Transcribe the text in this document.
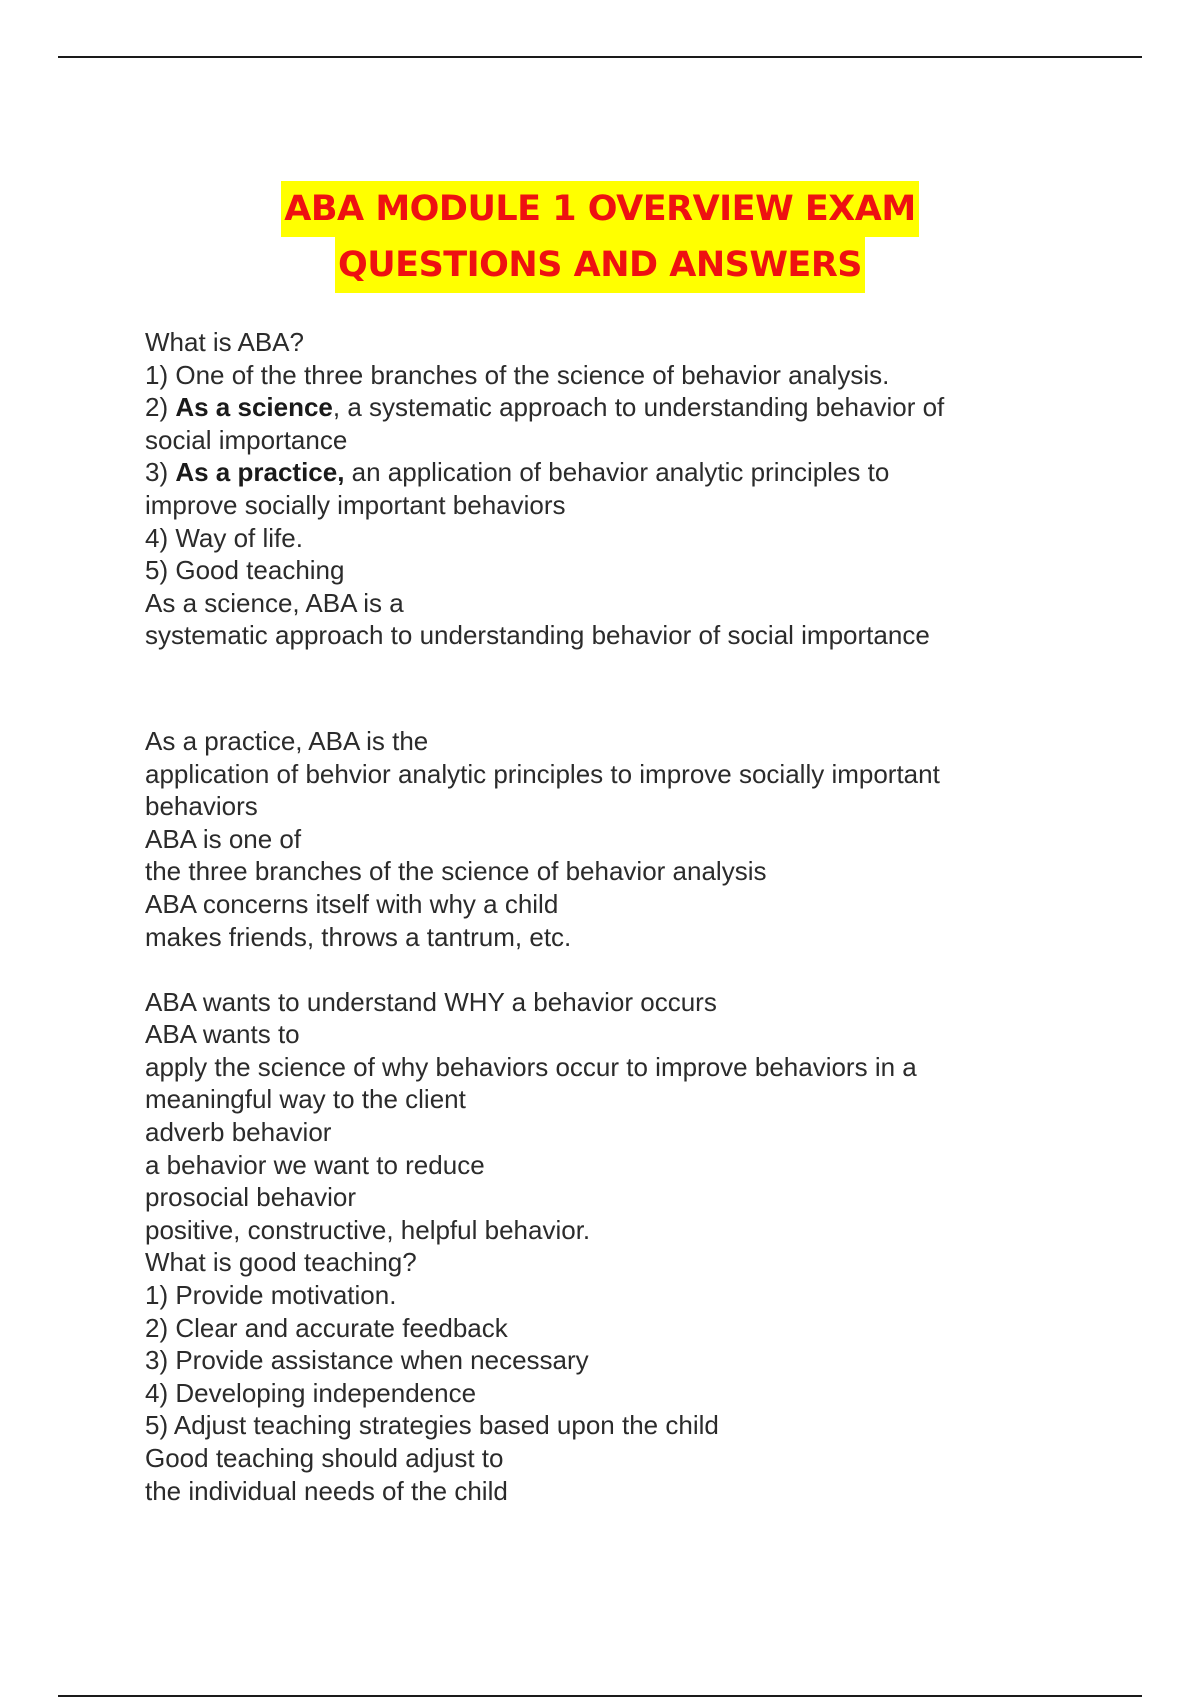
ABA MODULE 1 OVERVIEW EXAM
QUESTIONS AND ANSWERS
What is ABA?
1) One of the three branches of the science of behavior analysis.
2) As a science, a systematic approach to understanding behavior of
social importance
3) As a practice, an application of behavior analytic principles to
improve socially important behaviors
4) Way of life.
5) Good teaching
As a science, ABA is a
systematic approach to understanding behavior of social importance
As a practice, ABA is the
application of behvior analytic principles to improve socially important
behaviors
ABA is one of
the three branches of the science of behavior analysis
ABA concerns itself with why a child
makes friends, throws a tantrum, etc.
ABA wants to understand WHY a behavior occurs
ABA wants to
apply the science of why behaviors occur to improve behaviors in a
meaningful way to the client
adverb behavior
a behavior we want to reduce
prosocial behavior
positive, constructive, helpful behavior.
What is good teaching?
1) Provide motivation.
2) Clear and accurate feedback
3) Provide assistance when necessary
4) Developing independence
5) Adjust teaching strategies based upon the child
Good teaching should adjust to
the individual needs of the child
